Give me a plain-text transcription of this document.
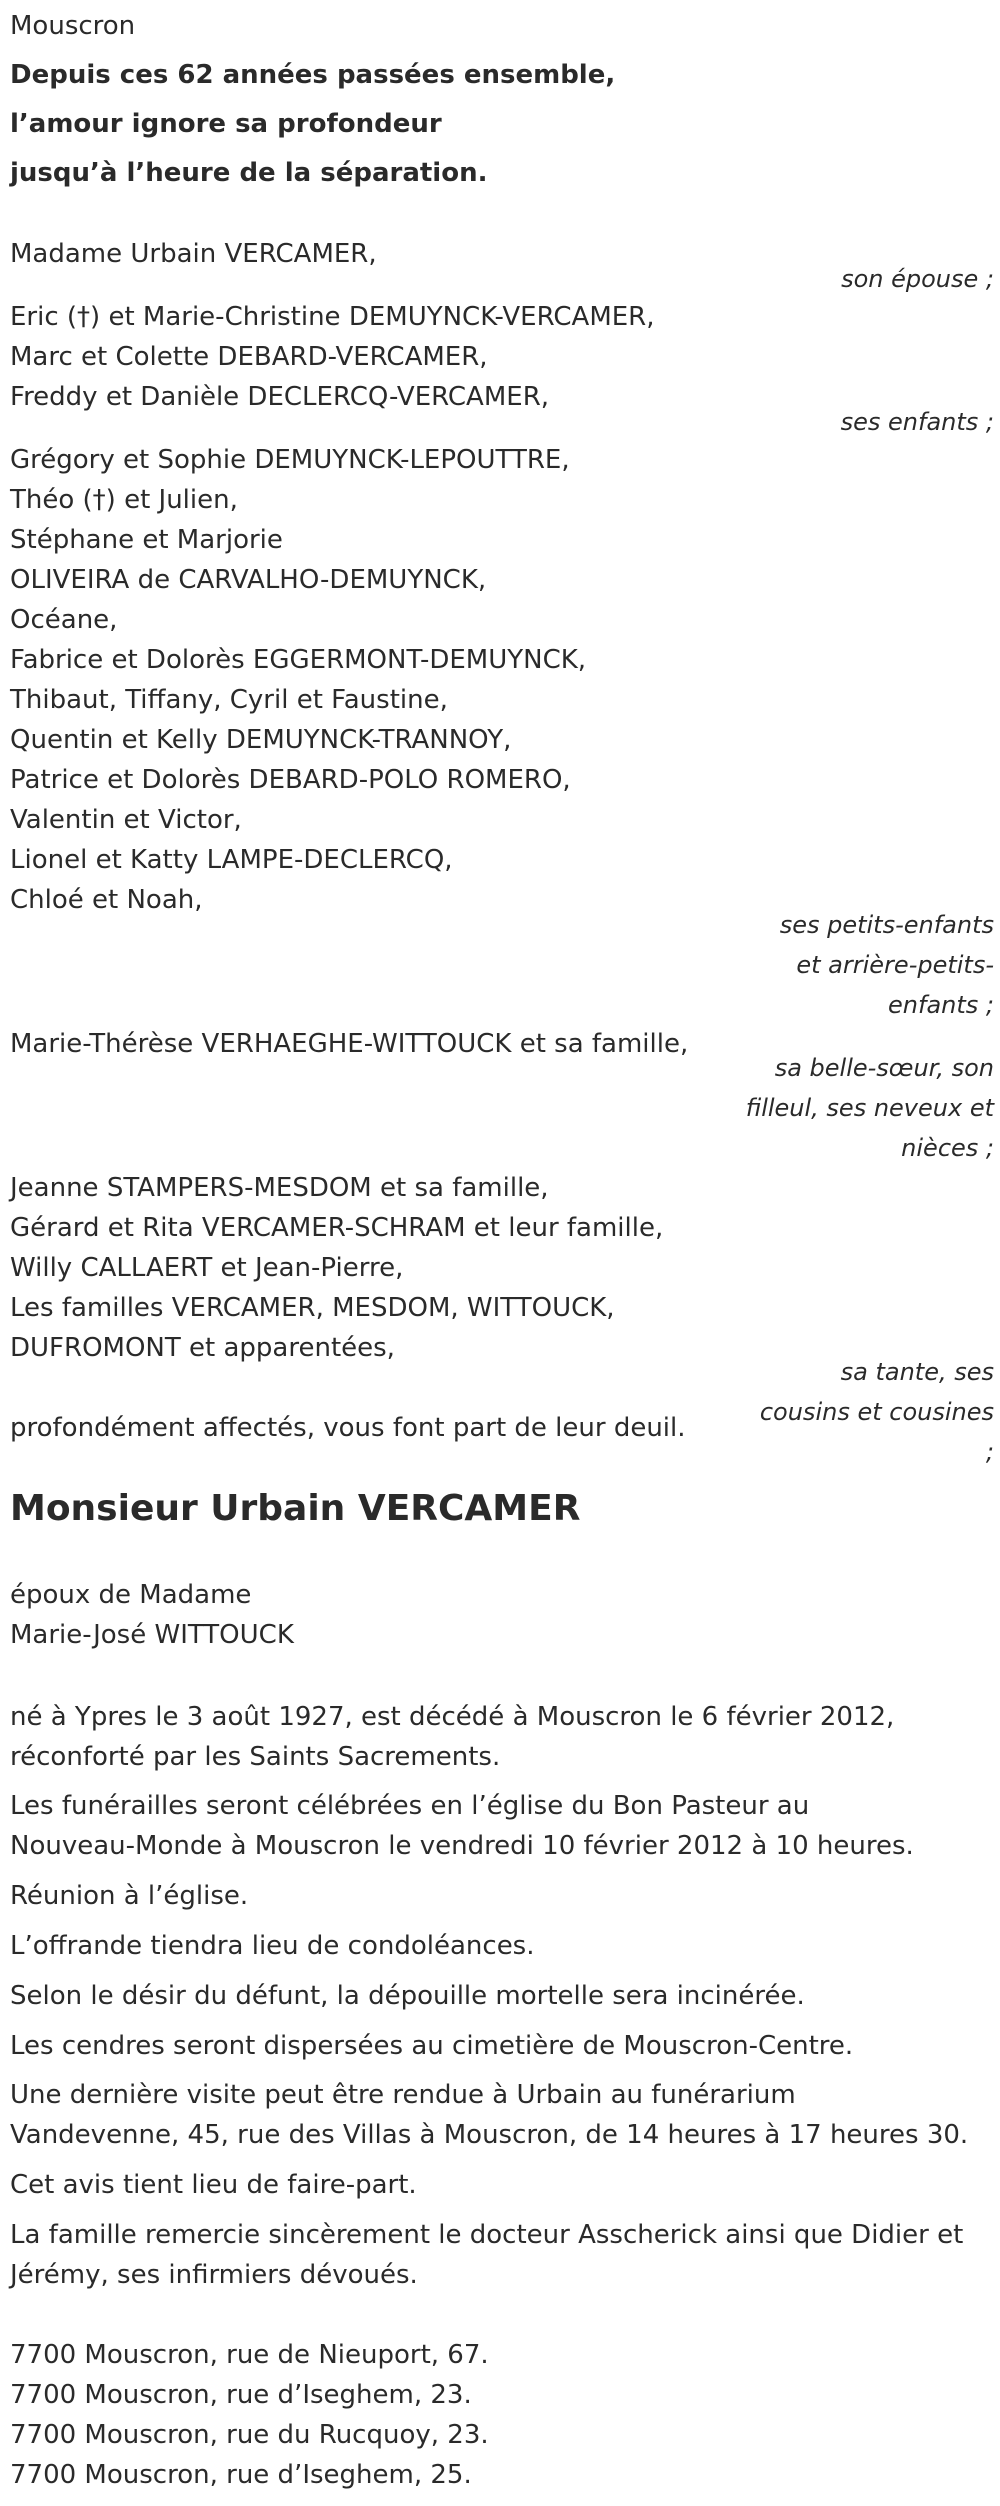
Mouscron
Depuis ces 62 années passées ensemble,
l’amour ignore sa profondeur
jusqu’à l’heure de la séparation.
Madame Urbain VERCAMER,
son épouse ;
Eric (†) et Marie-Christine DEMUYNCK-VERCAMER,
Marc et Colette DEBARD-VERCAMER,
Freddy et Danièle DECLERCQ-VERCAMER,
ses enfants ;
Grégory et Sophie DEMUYNCK-LEPOUTTRE,
Théo (†) et Julien,
Stéphane et Marjorie
OLIVEIRA de CARVALHO-DEMUYNCK,
Océane,
Fabrice et Dolorès EGGERMONT-DEMUYNCK,
Thibaut, Tiffany, Cyril et Faustine,
Quentin et Kelly DEMUYNCK-TRANNOY,
Patrice et Dolorès DEBARD-POLO ROMERO,
Valentin et Victor,
Lionel et Katty LAMPE-DECLERCQ,
Chloé et Noah,
ses petits-enfants
et arrière-petits-
enfants ;
Marie-Thérèse VERHAEGHE-WITTOUCK et sa famille,
sa belle-sœur, son
filleul, ses neveux et
nièces ;
Jeanne STAMPERS-MESDOM et sa famille,
Gérard et Rita VERCAMER-SCHRAM et leur famille,
Willy CALLAERT et Jean-Pierre,
Les familles VERCAMER, MESDOM, WITTOUCK,
DUFROMONT et apparentées,
sa tante, ses
cousins et cousines
;
profondément affectés, vous font part de leur deuil.
Monsieur Urbain VERCAMER
époux de Madame
Marie-José WITTOUCK
né à Ypres le 3 août 1927, est décédé à Mouscron le 6 février 2012,
réconforté par les Saints Sacrements.
Les funérailles seront célébrées en l’église du Bon Pasteur au
Nouveau-Monde à Mouscron le vendredi 10 février 2012 à 10 heures.
Réunion à l’église.
L’offrande tiendra lieu de condoléances.
Selon le désir du défunt, la dépouille mortelle sera incinérée.
Les cendres seront dispersées au cimetière de Mouscron-Centre.
Une dernière visite peut être rendue à Urbain au funérarium
Vandevenne, 45, rue des Villas à Mouscron, de 14 heures à 17 heures 30.
Cet avis tient lieu de faire-part.
La famille remercie sincèrement le docteur Asscherick ainsi que Didier et
Jérémy, ses infirmiers dévoués.
7700 Mouscron, rue de Nieuport, 67.
7700 Mouscron, rue d’Iseghem, 23.
7700 Mouscron, rue du Rucquoy, 23.
7700 Mouscron, rue d’Iseghem, 25.
